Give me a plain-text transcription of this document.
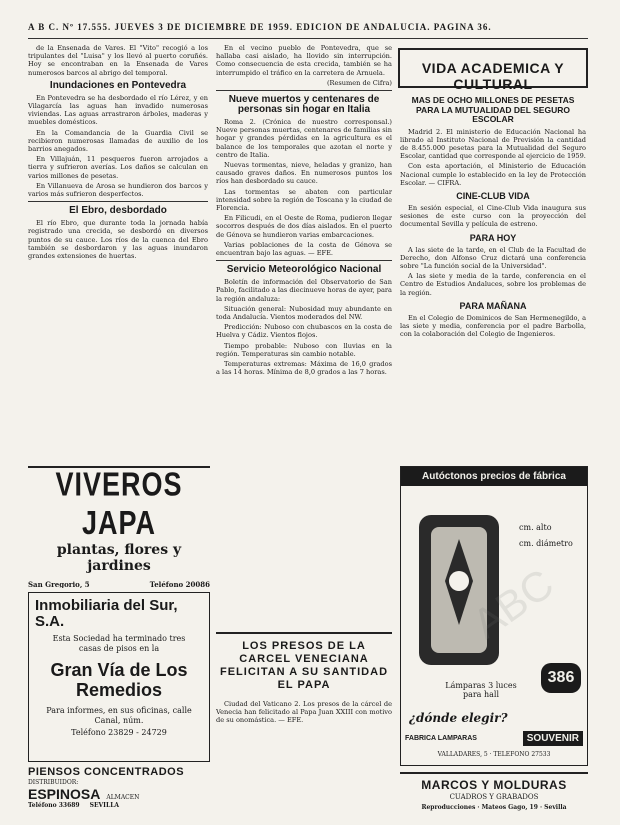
A B C. Nº 17.555. JUEVES 3 DE DICIEMBRE DE 1959. EDICION DE ANDALUCIA. PAGINA 36.

de la Ensenada de Vares. El "Vito" recogió a los tripulantes del "Luisa" y los llevó al puerto coruñés. Hoy se encontraban en la Ensenada de Vares numerosos barcos al abrigo del temporal.

Inundaciones en Pontevedra

En Pontevedra se ha desbordado el río Lérez, y en Vilagarcía las aguas han invadido numerosas viviendas. Las aguas arrastraron árboles, maderas y muebles domésticos.

En la Comandancia de la Guardia Civil se recibieron numerosas llamadas de auxilio de los barrios anegados.

En Villajuán, 11 pesqueros fueron arrojados a tierra y sufrieron averías. Los daños se calculan en varios millones de pesetas.

En Villanueva de Arosa se hundieron dos barcos y varios más sufrieron desperfectos.

El Ebro, desbordado

El río Ebro, que durante toda la jornada había registrado una crecida, se desbordó en diversos puntos de su cauce. Los ríos de la cuenca del Ebro también se desbordaron y las aguas inundaron grandes extensiones de huertas.

VIVEROS JAPA
plantas, flores y
jardines
San Gregorio, 5	Teléfono 20086
Inmobiliaria del Sur, S.A.
Esta Sociedad ha terminado tres casas de pisos en la
Gran Vía de Los Remedios
Para informes, en sus oficinas, calle Canal, núm.
Teléfono 23829 - 24729
PIENSOS CONCENTRADOS
DISTRIBUIDOR:
ESPINOSA ALMACEN
Teléfono 33689 SEVILLA

En el vecino pueblo de Pontevedra, que se hallaba casi aislado, ha llovido sin interrupción. Como consecuencia de esta crecida, también se ha interrumpido el tráfico en la carretera de Arnuela.

(Resumen de Cifra)
Nueve muertos y centenares de personas sin hogar en Italia

Roma 2. (Crónica de nuestro corresponsal.) Nueve personas muertas, centenares de familias sin hogar y grandes pérdidas en la agricultura es el balance de los temporales que azotan el norte y centro de Italia.

Nuevas tormentas, nieve, heladas y granizo, han causado graves daños. En numerosos puntos los ríos han desbordado su cauce.

Las tormentas se abaten con particular intensidad sobre la región de Toscana y la ciudad de Florencia.

En Filicudi, en el Oeste de Roma, pudieron llegar socorros después de dos días aislados. En el puerto de Génova se hundieron varias embarcaciones.

Varias poblaciones de la costa de Génova se encuentran bajo las aguas. — EFE.

Servicio Meteorológico Nacional

Boletín de información del Observatorio de San Pablo, facilitado a las diecinueve horas de ayer, para la región andaluza:

Situación general: Nubosidad muy abundante en toda Andalucía. Vientos moderados del NW.

Predicción: Nuboso con chubascos en la costa de Huelva y Cádiz. Vientos flojos.

Tiempo probable: Nuboso con lluvias en la región. Temperaturas sin cambio notable.

Temperaturas extremas: Máxima de 16,0 grados a las 14 horas. Mínima de 8,0 grados a las 7 horas.

LOS PRESOS DE LA CARCEL VENECIANA FELICITAN A SU SANTIDAD EL PAPA

Ciudad del Vaticano 2. Los presos de la cárcel de Venecia han felicitado al Papa Juan XXIII con motivo de su onomástica. — EFE.

VIDA ACADEMICA Y CULTURAL
MAS DE OCHO MILLONES DE PESETAS PARA LA MUTUALIDAD DEL SEGURO ESCOLAR

Madrid 2. El ministerio de Educación Nacional ha librado al Instituto Nacional de Previsión la cantidad de 8.455.000 pesetas para la Mutualidad del Seguro Escolar, cantidad que corresponde al ejercicio de 1959.

Con esta aportación, el Ministerio de Educación Nacional cumple lo establecido en la ley de Protección Escolar. — CIFRA.

CINE-CLUB VIDA

En sesión especial, el Cine-Club Vida inaugura sus sesiones de este curso con la proyección del documental Sevilla y película de estreno.

PARA HOY

A las siete de la tarde, en el Club de la Facultad de Derecho, don Alfonso Cruz dictará una conferencia sobre "La función social de la Universidad".

A las siete y media de la tarde, conferencia en el Centro de Estudios Andaluces, sobre los problemas de la región.

PARA MAÑANA

En el Colegio de Dominicos de San Hermenegildo, a las siete y media, conferencia por el padre Barbolla, con la colaboración del Colegio de Ingenieros.

Autóctonos precios de fábrica
cm. alto
cm. diámetro
Lámparas 3 luces
para hall
386
¿dónde elegir?
FABRICA LAMPARAS	SOUVENIR
VALLADARES, 5 · TELEFONO 27533
MARCOS Y MOLDURAS
CUADROS Y GRABADOS
Reproducciones · Mateos Gago, 19 · Sevilla
ABC
